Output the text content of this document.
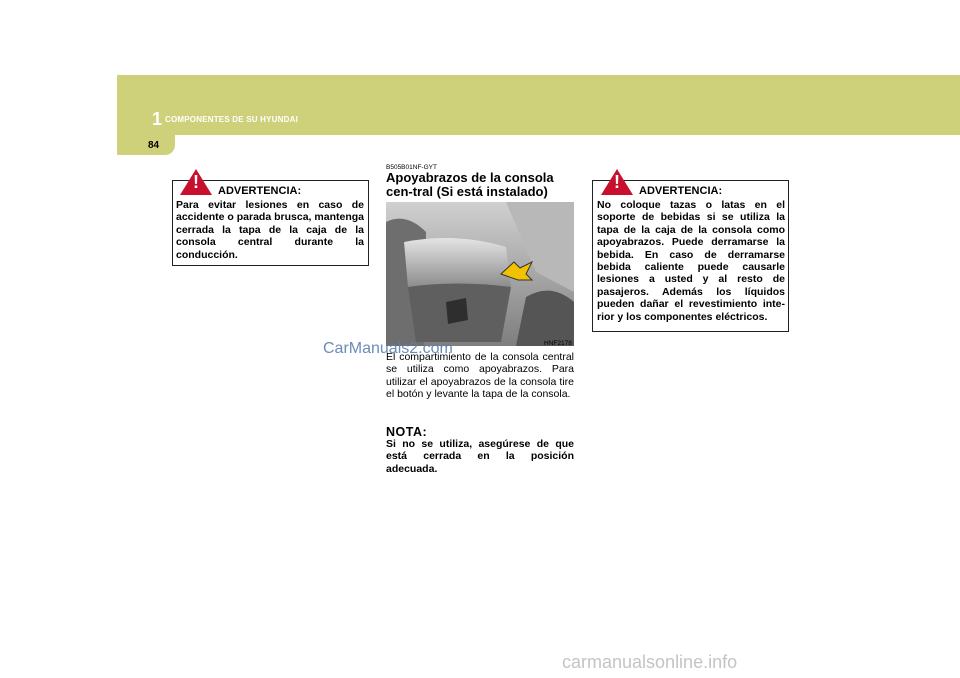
1 COMPONENTES DE SU HYUNDAI
84
!	ADVERTENCIA:
Para evitar lesiones en caso de accidente o parada brusca, mantenga cerrada la tapa de la caja de la consola central durante la conducción.
B505B01NF-GYT
Apoyabrazos de la consola cen-tral (Si está instalado)
HNF2178
El compartimiento de la consola central se utiliza como apoyabrazos. Para utilizar el apoyabrazos de la consola tire el botón y levante la tapa de la consola.
NOTA:
Si no se utiliza, asegúrese de que está cerrada en la posición adecuada.
!	ADVERTENCIA:
No coloque tazas o latas en el soporte de bebidas si se utiliza la tapa de la caja de la consola como apoyabrazos. Puede derramarse la bebida. En caso de derramarse bebida caliente puede causarle lesiones a usted y al resto de pasajeros. Además los líquidos pueden dañar el revestimiento inte-rior y los componentes eléctricos.
CarManuals2.com
carmanualsonline.info
